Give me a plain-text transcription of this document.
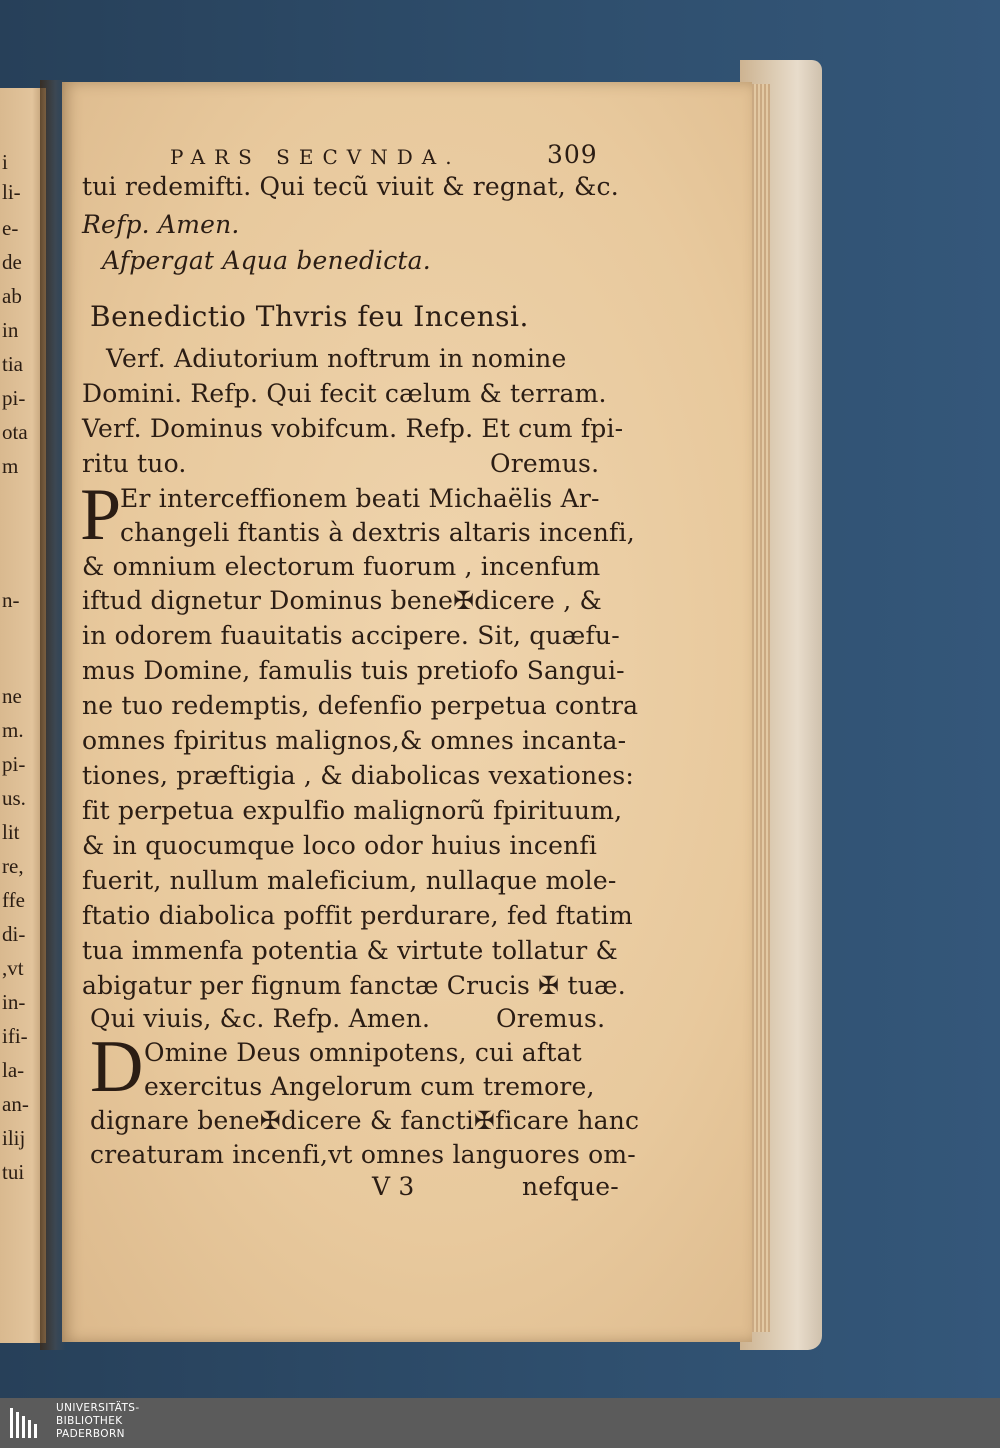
i
li-
e-
de
ab
in
tia
pi-
ota
m
n-
ne
m.
pi-
us.
lit
re,
ffe
di-
,vt
in-
ifi-
la-
an-
ilij
tui
PARS SECVNDA.	309
tui redemifti. Qui tecũ viuit & regnat, &c.
Refp. Amen.
Afpergat Aqua benedicta.
Benedictio Thvris feu Incensi.
Verf. Adiutorium noftrum in nomine
Domini. Refp. Qui fecit cælum & terram.
Verf. Dominus vobifcum. Refp. Et cum fpi-
ritu tuo.	Oremus.
P
Er interceffionem beati Michaëlis Ar-
changeli ftantis à dextris altaris incenfi,
& omnium electorum fuorum , incenfum
iftud dignetur Dominus bene✠dicere , &
in odorem fuauitatis accipere. Sit, quæfu-
mus Domine, famulis tuis pretiofo Sangui-
ne tuo redemptis, defenfio perpetua contra
omnes fpiritus malignos,& omnes incanta-
tiones, præftigia , & diabolicas vexationes:
fit perpetua expulfio malignorũ fpirituum,
& in quocumque loco odor huius incenfi
fuerit, nullum maleficium, nullaque mole-
ftatio diabolica poffit perdurare, fed ftatim
tua immenfa potentia & virtute tollatur &
abigatur per fignum fanctæ Crucis ✠ tuæ.
Qui viuis, &c. Refp. Amen.	Oremus.
D Omine Deus omnipotens, cui aftat
exercitus Angelorum cum tremore,
dignare bene✠dicere & fancti✠ficare hanc
creaturam incenfi,vt omnes languores om-
V 3	nefque-
UNIVERSITÄTS-
BIBLIOTHEK
PADERBORN
